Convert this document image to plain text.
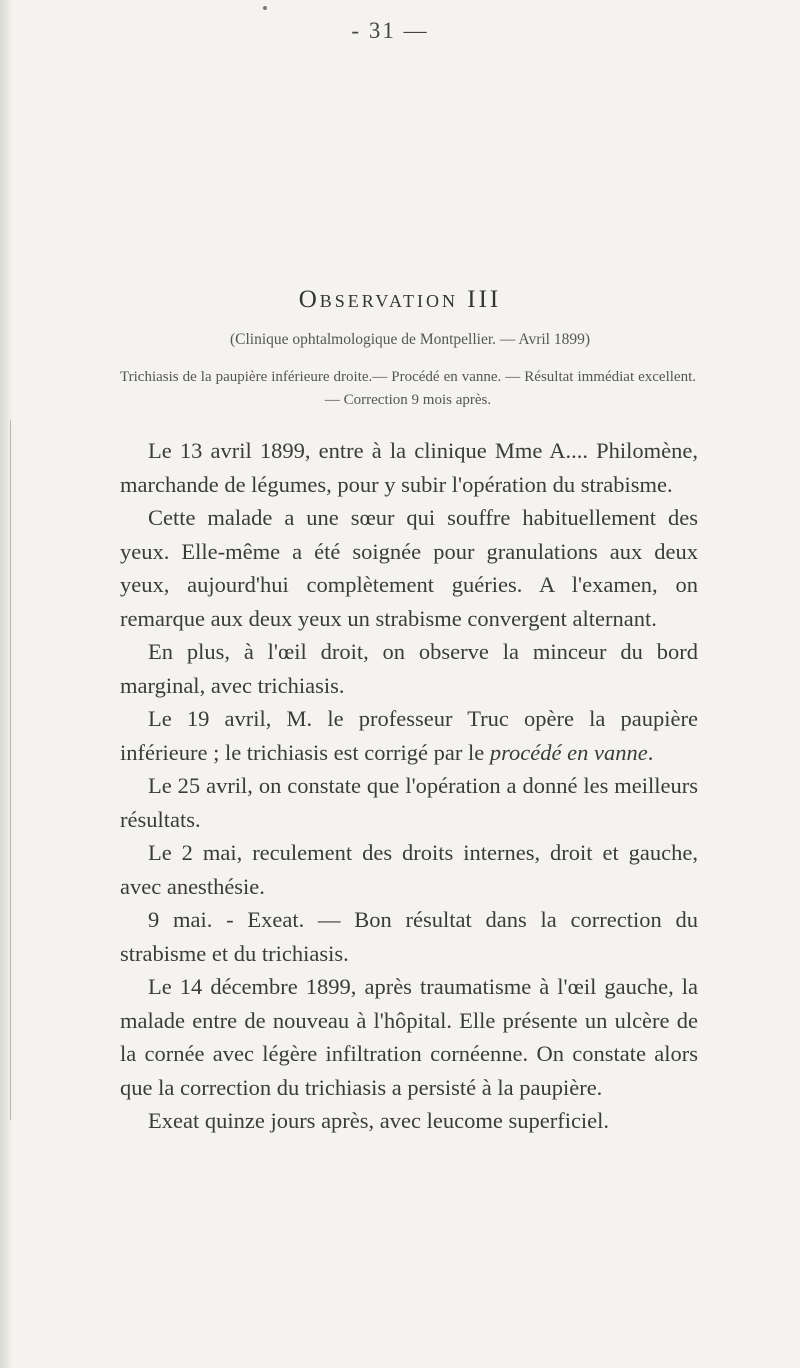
- 31 —
Observation III
(Clinique ophtalmologique de Montpellier. — Avril 1899)
Trichiasis de la paupière inférieure droite.— Procédé en vanne. — Résultat immédiat excellent. — Correction 9 mois après.

Le 13 avril 1899, entre à la clinique Mme A.... Philomène, marchande de légumes, pour y subir l'opération du strabisme.

Cette malade a une sœur qui souffre habituellement des yeux. Elle-même a été soignée pour granulations aux deux yeux, aujourd'hui complètement guéries. A l'examen, on remarque aux deux yeux un strabisme convergent alternant.

En plus, à l'œil droit, on observe la minceur du bord marginal, avec trichiasis.

Le 19 avril, M. le professeur Truc opère la paupière inférieure ; le trichiasis est corrigé par le procédé en vanne.

Le 25 avril, on constate que l'opération a donné les meilleurs résultats.

Le 2 mai, reculement des droits internes, droit et gauche, avec anesthésie.

9 mai. - Exeat. — Bon résultat dans la correction du strabisme et du trichiasis.

Le 14 décembre 1899, après traumatisme à l'œil gauche, la malade entre de nouveau à l'hôpital. Elle présente un ulcère de la cornée avec légère infiltration cornéenne. On constate alors que la correction du trichiasis a persisté à la paupière.

Exeat quinze jours après, avec leucome superficiel.
